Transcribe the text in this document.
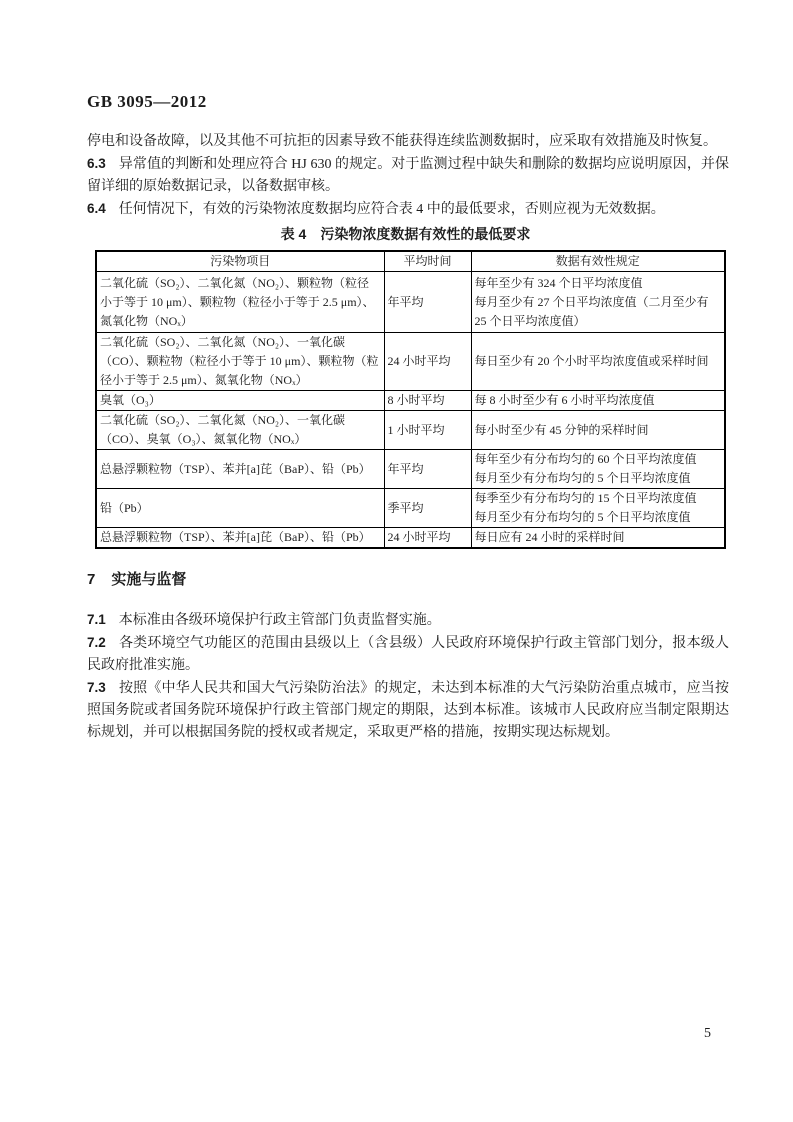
GB 3095—2012

停电和设备故障，以及其他不可抗拒的因素导致不能获得连续监测数据时，应采取有效措施及时恢复。

6.3 异常值的判断和处理应符合 HJ 630 的规定。对于监测过程中缺失和删除的数据均应说明原因，并保留详细的原始数据记录，以备数据审核。

6.4 任何情况下，有效的污染物浓度数据均应符合表 4 中的最低要求，否则应视为无效数据。

表 4　污染物浓度数据有效性的最低要求
污染物项目	平均时间	数据有效性规定
二氧化硫（SO₂）、二氧化氮（NO₂）、颗粒物（粒径小于等于 10 μm）、颗粒物（粒径小于等于 2.5 μm）、氮氧化物（NOₓ）	年平均	每年至少有 324 个日平均浓度值
每月至少有 27 个日平均浓度值（二月至少有 25 个日平均浓度值）
二氧化硫（SO₂）、二氧化氮（NO₂）、一氧化碳（CO）、颗粒物（粒径小于等于 10 μm）、颗粒物（粒径小于等于 2.5 μm）、氮氧化物（NOₓ）	24 小时平均	每日至少有 20 个小时平均浓度值或采样时间
臭氧（O₃）	8 小时平均	每 8 小时至少有 6 小时平均浓度值
二氧化硫（SO₂）、二氧化氮（NO₂）、一氧化碳（CO）、臭氧（O₃）、氮氧化物（NOₓ）	1 小时平均	每小时至少有 45 分钟的采样时间
总悬浮颗粒物（TSP）、苯并[a]芘（BaP）、铅（Pb）	年平均	每年至少有分布均匀的 60 个日平均浓度值
每月至少有分布均匀的 5 个日平均浓度值
铅（Pb）	季平均	每季至少有分布均匀的 15 个日平均浓度值
每月至少有分布均匀的 5 个日平均浓度值
总悬浮颗粒物（TSP）、苯并[a]芘（BaP）、铅（Pb）	24 小时平均	每日应有 24 小时的采样时间
7 实施与监督

7.1 本标准由各级环境保护行政主管部门负责监督实施。

7.2 各类环境空气功能区的范围由县级以上（含县级）人民政府环境保护行政主管部门划分，报本级人民政府批准实施。

7.3 按照《中华人民共和国大气污染防治法》的规定，未达到本标准的大气污染防治重点城市，应当按照国务院或者国务院环境保护行政主管部门规定的期限，达到本标准。该城市人民政府应当制定限期达标规划，并可以根据国务院的授权或者规定，采取更严格的措施，按期实现达标规划。

5
